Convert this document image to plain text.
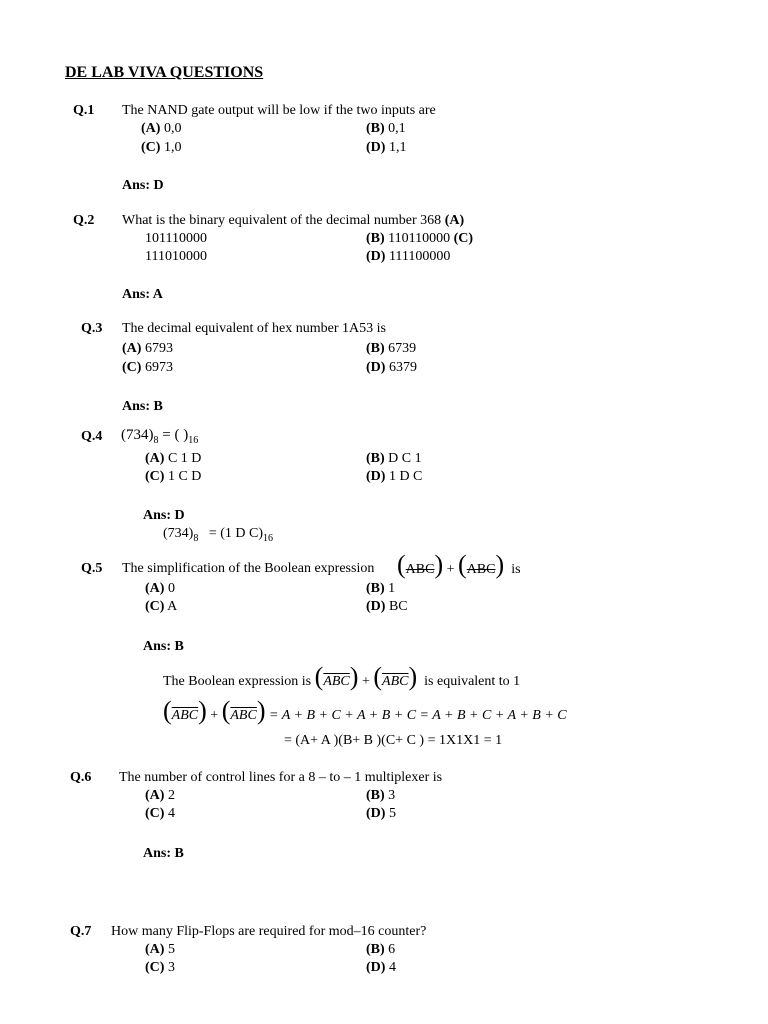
DE LAB VIVA QUESTIONS
Q.1 The NAND gate output will be low if the two inputs are
(A) 0,0	(B) 0,1
(C) 1,0	(D) 1,1
Ans: D
Q.2 What is the binary equivalent of the decimal number 368 (A)
101110000	(B) 110110000 (C)
111010000	(D) 111100000
Ans: A
Q.3 The decimal equivalent of hex number 1A53 is
(A) 6793	(B) 6739
(C) 6973	(D) 6379
Ans: B
Q.4 $(734)_8$ = ( )$_{16}$
(A) C 1 D	(B) D C 1
(C) 1 C D	(D) 1 D C
Ans: D
$(734)_8 = (1$ D $C)_{16}$
Q.5 The simplification of the Boolean expression (ABC) + (ABC) is
(A) 0	(B) 1
(C) A	(D) BC
Ans: B
The Boolean expression is $(\overline{ABC}) + (\overline{ABC})$ is equivalent to 1
$(\overline{ABC}) + (\overline{ABC}) = A + B + C + A + B + C = A + B + C + A + B + C$
= (A+ A )(B+ B )(C+ C ) = 1X1X1 = 1
Q.6 The number of control lines for a 8 – to – 1 multiplexer is
(A) 2	(B) 3
(C) 4	(D) 5
Ans: B
Q.7 How many Flip-Flops are required for mod–16 counter?
(A) 5	(B) 6
(C) 3	(D) 4
